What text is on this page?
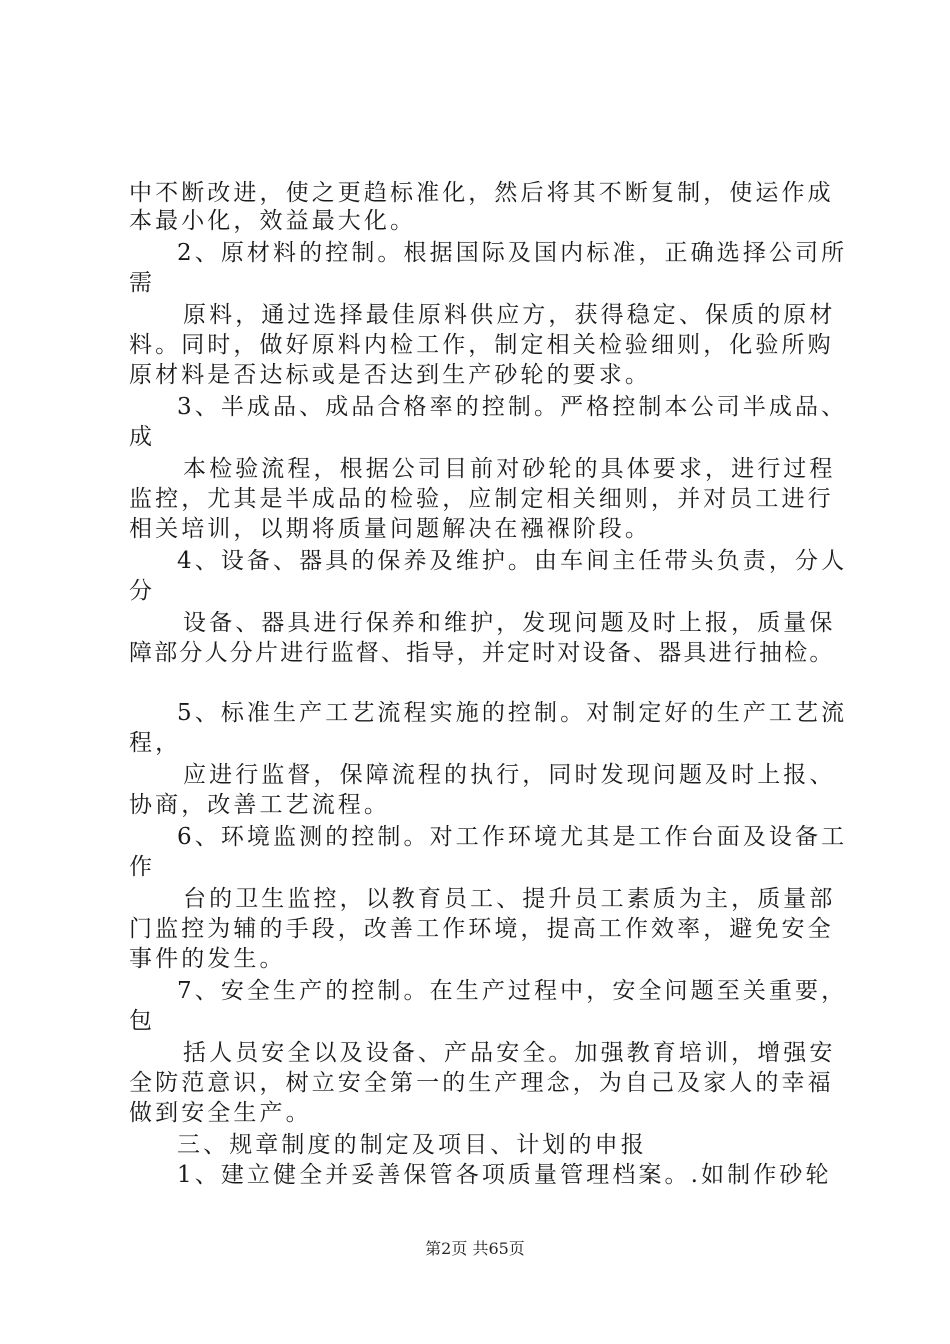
中不断改进，使之更趋标准化，然后将其不断复制，使运作成
本最小化，效益最大化。
2、原材料的控制。根据国际及国内标准，正确选择公司所
需
原料，通过选择最佳原料供应方，获得稳定、保质的原材
料。同时，做好原料内检工作，制定相关检验细则，化验所购
原材料是否达标或是否达到生产砂轮的要求。
3、半成品、成品合格率的控制。严格控制本公司半成品、
成
本检验流程，根据公司目前对砂轮的具体要求，进行过程
监控，尤其是半成品的检验，应制定相关细则，并对员工进行
相关培训，以期将质量问题解决在襁褓阶段。
4、设备、器具的保养及维护。由车间主任带头负责，分人
分
设备、器具进行保养和维护，发现问题及时上报，质量保
障部分人分片进行监督、指导，并定时对设备、器具进行抽检。
5、标准生产工艺流程实施的控制。对制定好的生产工艺流
程，
应进行监督，保障流程的执行，同时发现问题及时上报、
协商，改善工艺流程。
6、环境监测的控制。对工作环境尤其是工作台面及设备工
作
台的卫生监控，以教育员工、提升员工素质为主，质量部
门监控为辅的手段，改善工作环境，提高工作效率，避免安全
事件的发生。
7、安全生产的控制。在生产过程中，安全问题至关重要，
包
括人员安全以及设备、产品安全。加强教育培训，增强安
全防范意识，树立安全第一的生产理念，为自己及家人的幸福
做到安全生产。
三、规章制度的制定及项目、计划的申报
1、建立健全并妥善保管各项质量管理档案。.如制作砂轮
第2页 共65页
